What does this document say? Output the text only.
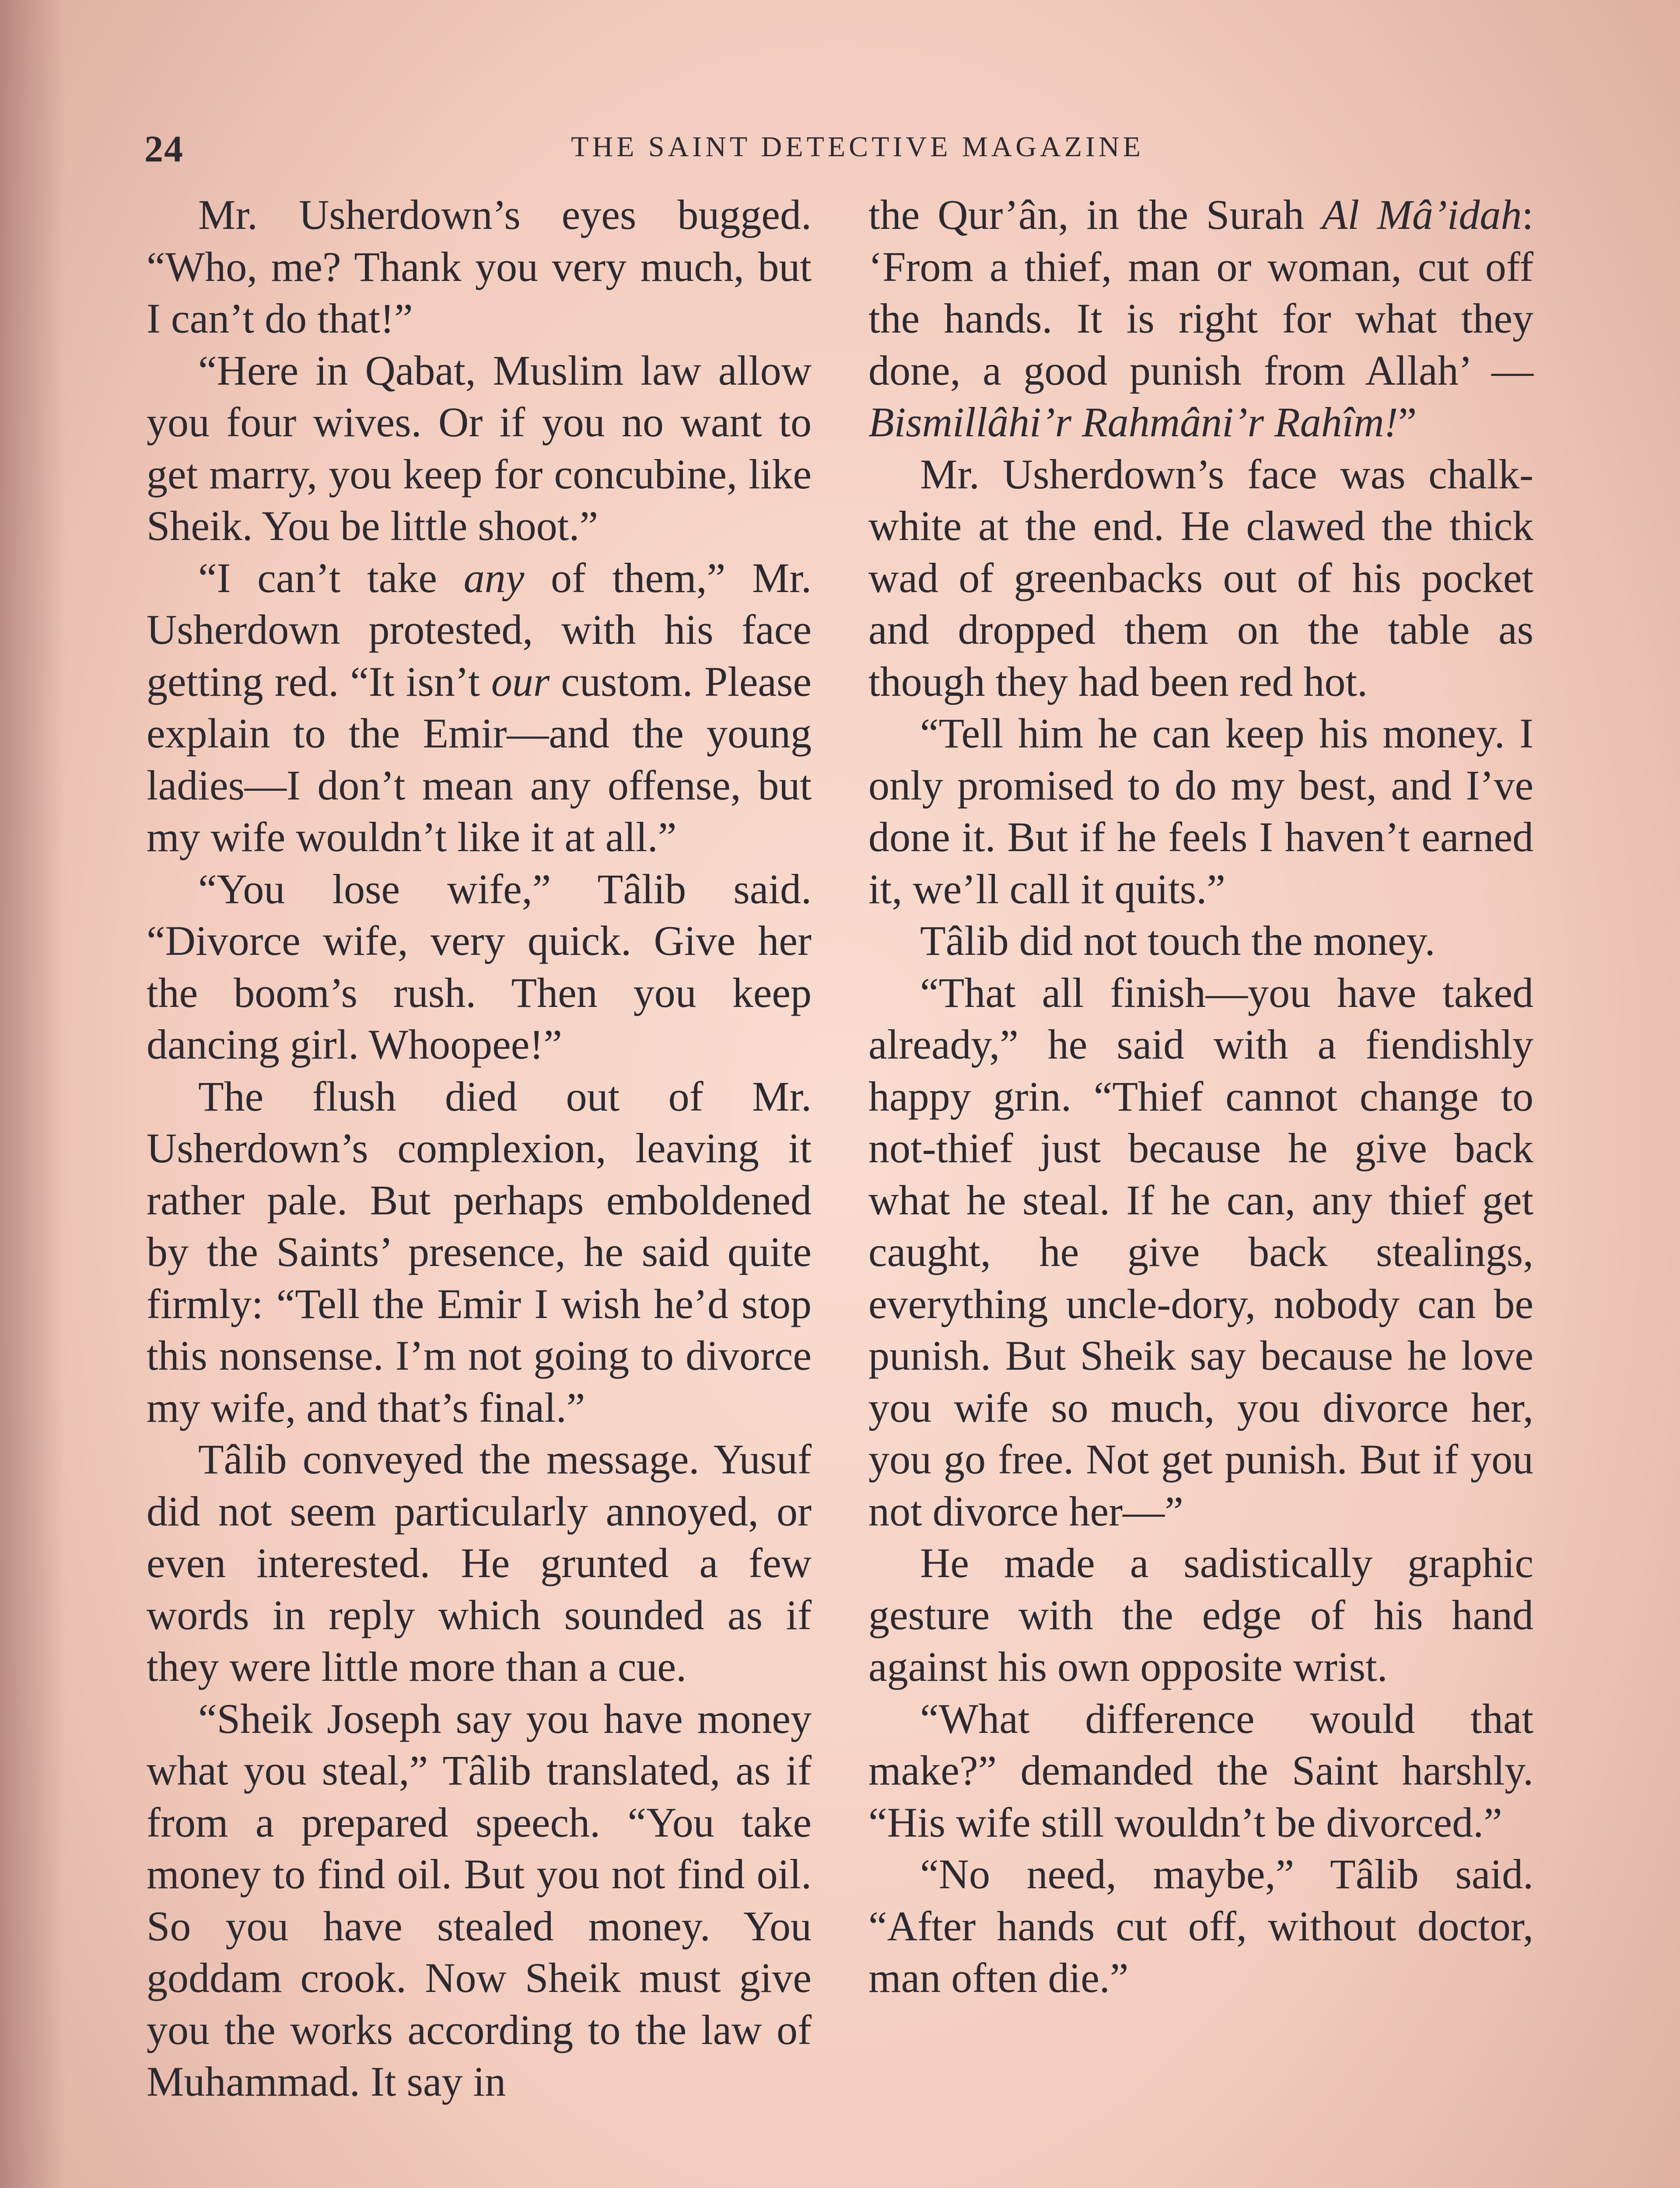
24	THE SAINT DETECTIVE MAGAZINE

Mr. Usherdown’s eyes bugged. “Who, me? Thank you very much, but I can’t do that!”

“Here in Qabat, Muslim law allow you four wives. Or if you no want to get marry, you keep for concubine, like Sheik. You be little shoot.”

“I can’t take any of them,” Mr. Usherdown protested, with his face getting red. “It isn’t our custom. Please explain to the Emir—and the young ladies—I don’t mean any offense, but my wife wouldn’t like it at all.”

“You lose wife,” Tâlib said. “Divorce wife, very quick. Give her the boom’s rush. Then you keep dancing girl. Whoopee!”

The flush died out of Mr. Usherdown’s complexion, leaving it rather pale. But perhaps emboldened by the Saints’ presence, he said quite firmly: “Tell the Emir I wish he’d stop this nonsense. I’m not going to divorce my wife, and that’s final.”

Tâlib conveyed the message. Yusuf did not seem particularly annoyed, or even interested. He grunted a few words in reply which sounded as if they were little more than a cue.

“Sheik Joseph say you have money what you steal,” Tâlib translated, as if from a prepared speech. “You take money to find oil. But you not find oil. So you have stealed money. You goddam crook. Now Sheik must give you the works according to the law of Muhammad. It say in

the Qur’ân, in the Surah Al Mâ’idah: ‘From a thief, man or woman, cut off the hands. It is right for what they done, a good punish from Allah’ — Bismillâhi’r Rahmâni’r Rahîm!”

Mr. Usherdown’s face was chalk-white at the end. He clawed the thick wad of greenbacks out of his pocket and dropped them on the table as though they had been red hot.

“Tell him he can keep his money. I only promised to do my best, and I’ve done it. But if he feels I haven’t earned it, we’ll call it quits.”

Tâlib did not touch the money.

“That all finish—you have taked already,” he said with a fiendishly happy grin. “Thief cannot change to not-thief just because he give back what he steal. If he can, any thief get caught, he give back stealings, everything uncle-dory, nobody can be punish. But Sheik say because he love you wife so much, you divorce her, you go free. Not get punish. But if you not divorce her—”

He made a sadistically graphic gesture with the edge of his hand against his own opposite wrist.

“What difference would that make?” demanded the Saint harshly. “His wife still wouldn’t be divorced.”

“No need, maybe,” Tâlib said. “After hands cut off, without doctor, man often die.”
